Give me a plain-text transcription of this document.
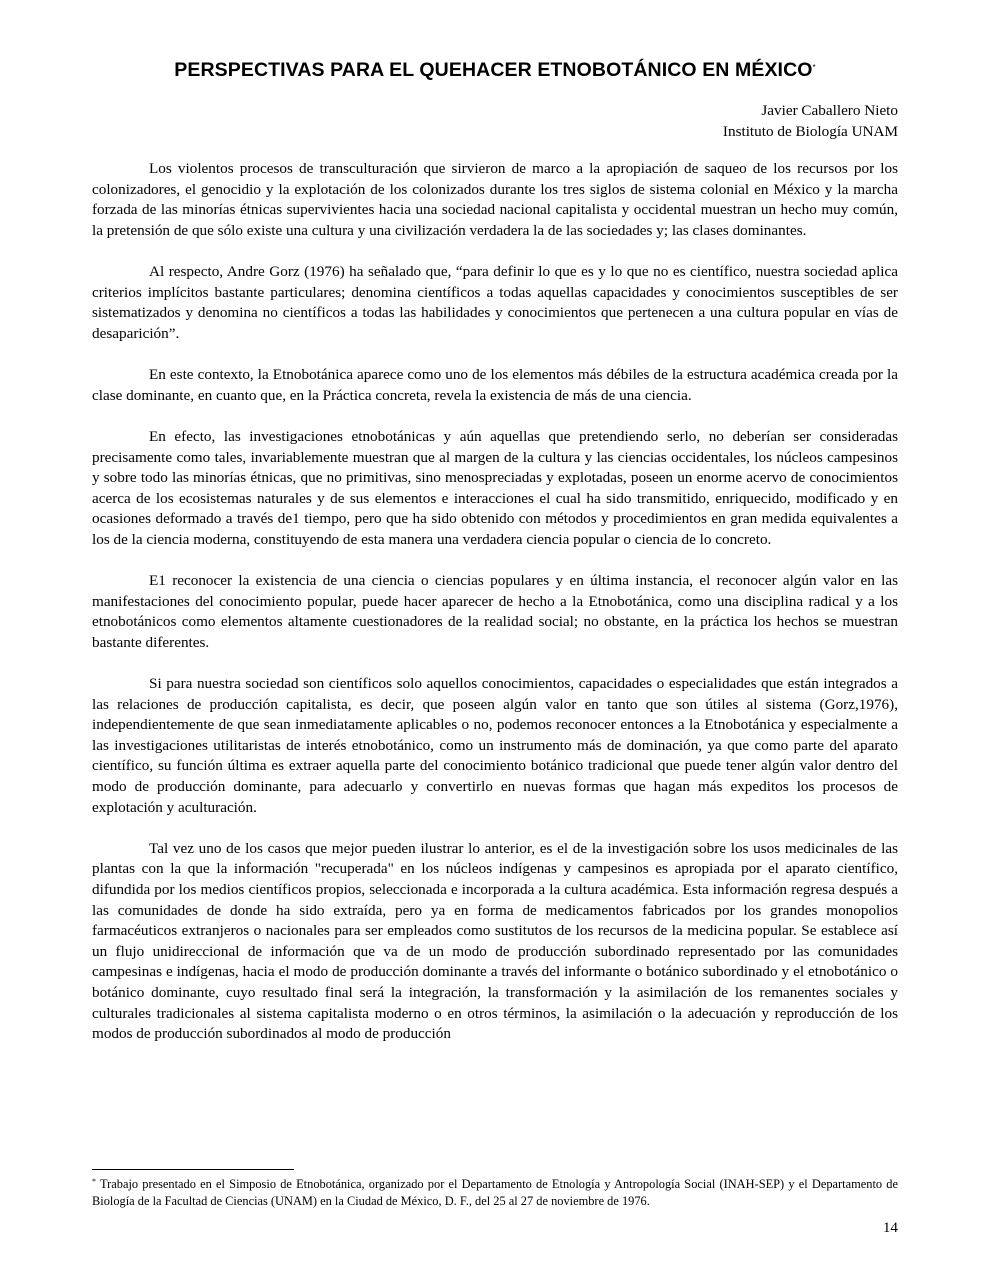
PERSPECTIVAS PARA EL QUEHACER ETNOBOTÁNICO EN MÉXICO*
Javier Caballero Nieto
Instituto de Biología UNAM

Los violentos procesos de transculturación que sirvieron de marco a la apropiación de saqueo de los recursos por los colonizadores, el genocidio y la explotación de los colonizados durante los tres siglos de sistema colonial en México y la marcha forzada de las minorías étnicas supervivientes hacia una sociedad nacional capitalista y occidental muestran un hecho muy común, la pretensión de que sólo existe una cultura y una civilización verdadera la de las sociedades y; las clases dominantes.

Al respecto, Andre Gorz (1976) ha señalado que, “para definir lo que es y lo que no es científico, nuestra sociedad aplica criterios implícitos bastante particulares; denomina científicos a todas aquellas capacidades y conocimientos susceptibles de ser sistematizados y denomina no científicos a todas las habilidades y conocimientos que pertenecen a una cultura popular en vías de desaparición”.

En este contexto, la Etnobotánica aparece como uno de los elementos más débiles de la estructura académica creada por la clase dominante, en cuanto que, en la Práctica concreta, revela la existencia de más de una ciencia.

En efecto, las investigaciones etnobotánicas y aún aquellas que pretendiendo serlo, no deberían ser consideradas precisamente como tales, invariablemente muestran que al margen de la cultura y las ciencias occidentales, los núcleos campesinos y sobre todo las minorías étnicas, que no primitivas, sino menospreciadas y explotadas, poseen un enorme acervo de conocimientos acerca de los ecosistemas naturales y de sus elementos e interacciones el cual ha sido transmitido, enriquecido, modificado y en ocasiones deformado a través de1 tiempo, pero que ha sido obtenido con métodos y procedimientos en gran medida equivalentes a los de la ciencia moderna, constituyendo de esta manera una verdadera ciencia popular o ciencia de lo concreto.

E1 reconocer la existencia de una ciencia o ciencias populares y en última instancia, el reconocer algún valor en las manifestaciones del conocimiento popular, puede hacer aparecer de hecho a la Etnobotánica, como una disciplina radical y a los etnobotánicos como elementos altamente cuestionadores de la realidad social; no obstante, en la práctica los hechos se muestran bastante diferentes.

Si para nuestra sociedad son científicos solo aquellos conocimientos, capacidades o especialidades que están integrados a las relaciones de producción capitalista, es decir, que poseen algún valor en tanto que son útiles al sistema (Gorz,1976), independientemente de que sean inmediatamente aplicables o no, podemos reconocer entonces a la Etnobotánica y especialmente a las investigaciones utilitaristas de interés etnobotánico, como un instrumento más de dominación, ya que como parte del aparato científico, su función última es extraer aquella parte del conocimiento botánico tradicional que puede tener algún valor dentro del modo de producción dominante, para adecuarlo y convertirlo en nuevas formas que hagan más expeditos los procesos de explotación y aculturación.

Tal vez uno de los casos que mejor pueden ilustrar lo anterior, es el de la investigación sobre los usos medicinales de las plantas con la que la información "recuperada" en los núcleos indígenas y campesinos es apropiada por el aparato científico, difundida por los medios científicos propios, seleccionada e incorporada a la cultura académica. Esta información regresa después a las comunidades de donde ha sido extraída, pero ya en forma de medicamentos fabricados por los grandes monopolios farmacéuticos extranjeros o nacionales para ser empleados como sustitutos de los recursos de la medicina popular. Se establece así un flujo unidireccional de información que va de un modo de producción subordinado representado por las comunidades campesinas e indígenas, hacia el modo de producción dominante a través del informante o botánico subordinado y el etnobotánico o botánico dominante, cuyo resultado final será la integración, la transformación y la asimilación de los remanentes sociales y culturales tradicionales al sistema capitalista moderno o en otros términos, la asimilación o la adecuación y reproducción de los modos de producción subordinados al modo de producción

* Trabajo presentado en el Simposio de Etnobotánica, organizado por el Departamento de Etnología y Antropología Social (INAH-SEP) y el Departamento de Biología de la Facultad de Ciencias (UNAM) en la Ciudad de México, D. F., del 25 al 27 de noviembre de 1976.
14
